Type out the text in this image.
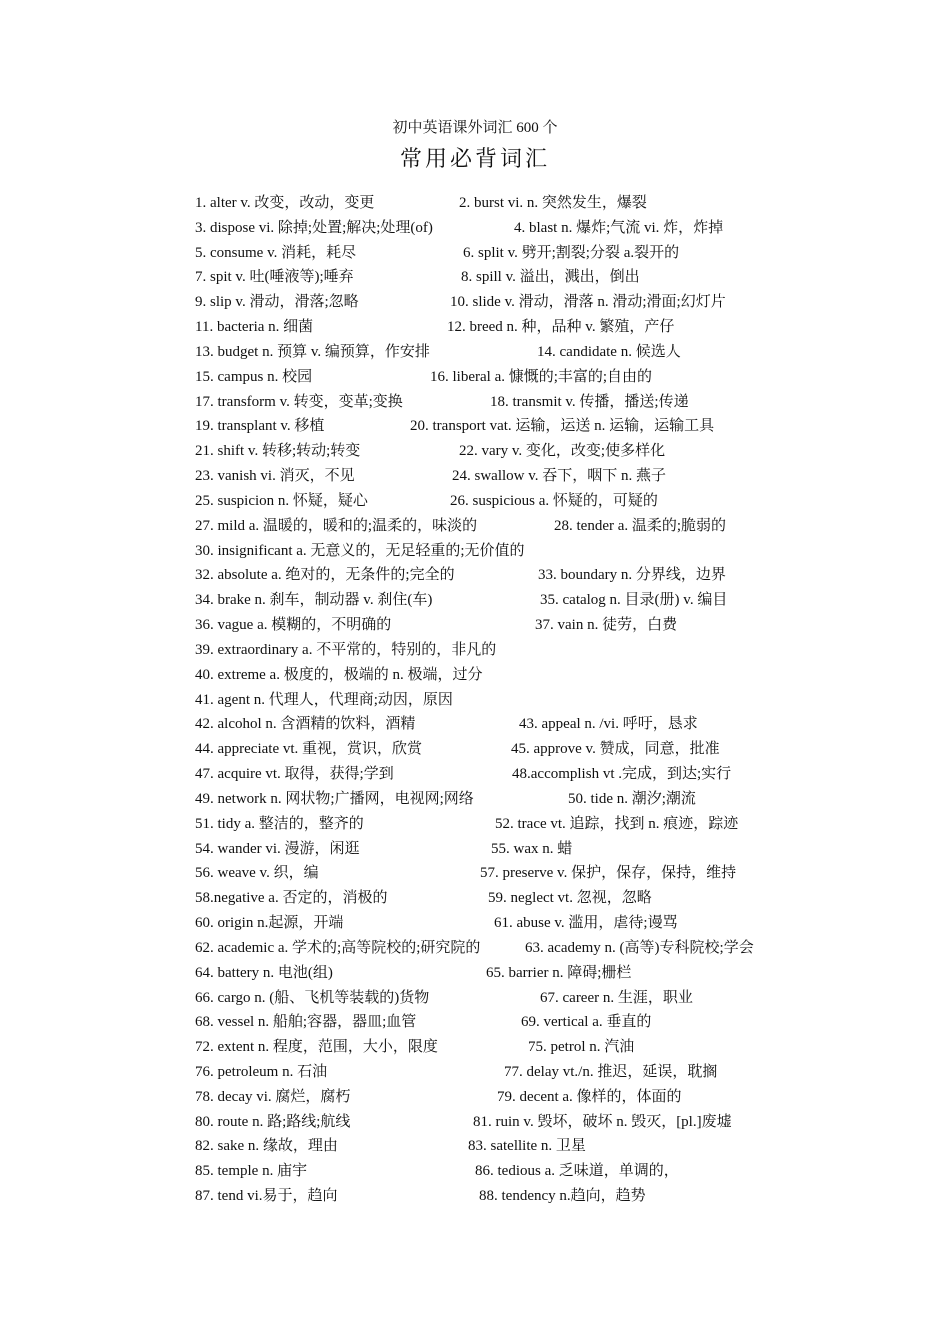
初中英语课外词汇 600 个
常用必背词汇
1. alter v. 改变，改动，变更	2. burst vi. n. 突然发生，爆裂
3. dispose vi. 除掉;处置;解决;处理(of)	4. blast n. 爆炸;气流 vi. 炸，炸掉
5. consume v. 消耗，耗尽	6. split v. 劈开;割裂;分裂 a.裂开的
7. spit v. 吐(唾液等);唾弃	8. spill v. 溢出，溅出，倒出
9. slip v. 滑动，滑落;忽略	10. slide v. 滑动，滑落 n. 滑动;滑面;幻灯片
11. bacteria n. 细菌	12. breed n. 种，品种 v. 繁殖，产仔
13. budget n. 预算 v. 编预算，作安排	14. candidate n. 候选人
15. campus n. 校园	16. liberal a. 慷慨的;丰富的;自由的
17. transform v. 转变，变革;变换	18. transmit v. 传播，播送;传递
19. transplant v. 移植	20. transport vat. 运输，运送 n. 运输，运输工具
21. shift v. 转移;转动;转变	22. vary v. 变化，改变;使多样化
23. vanish vi. 消灭，不见	24. swallow v. 吞下，咽下 n. 燕子
25. suspicion n. 怀疑，疑心	26. suspicious a. 怀疑的，可疑的
27. mild a. 温暖的，暖和的;温柔的，味淡的	28. tender a. 温柔的;脆弱的
30. insignificant a. 无意义的，无足轻重的;无价值的
32. absolute a. 绝对的，无条件的;完全的	33. boundary n. 分界线，边界
34. brake n. 刹车，制动器 v. 刹住(车)	35. catalog n. 目录(册) v. 编目
36. vague a. 模糊的，不明确的	37. vain n. 徒劳，白费
39. extraordinary a. 不平常的，特别的，非凡的
40. extreme a. 极度的，极端的 n. 极端，过分
41. agent n. 代理人，代理商;动因，原因
42. alcohol n. 含酒精的饮料，酒精	43. appeal n. /vi. 呼吁，恳求
44. appreciate vt. 重视，赏识，欣赏	45. approve v. 赞成，同意，批准
47. acquire vt. 取得，获得;学到	48.accomplish vt .完成，到达;实行
49. network n. 网状物;广播网，电视网;网络	50. tide n. 潮汐;潮流
51. tidy a. 整洁的，整齐的	52. trace vt. 追踪，找到 n. 痕迹，踪迹
54. wander vi. 漫游，闲逛	55. wax n. 蜡
56. weave v. 织，编	57. preserve v. 保护，保存，保持，维持
58.negative a. 否定的，消极的	59. neglect vt. 忽视，忽略
60. origin n.起源，开端	61. abuse v. 滥用，虐待;谩骂
62. academic a. 学术的;高等院校的;研究院的	63. academy n. (高等)专科院校;学会
64. battery n. 电池(组)	65. barrier n. 障碍;栅栏
66. cargo n. (船、飞机等装载的)货物	67. career n. 生涯，职业
68. vessel n. 船舶;容器，器皿;血管	69. vertical a. 垂直的
72. extent n. 程度，范围，大小，限度	75. petrol n. 汽油
76. petroleum n. 石油	77. delay vt./n. 推迟，延误，耽搁
78. decay vi. 腐烂，腐朽	79. decent a. 像样的，体面的
80. route n. 路;路线;航线	81. ruin v. 毁坏，破坏 n. 毁灭，[pl.]废墟
82. sake n. 缘故，理由	83. satellite n. 卫星
85. temple n. 庙宇	86. tedious a. 乏味道，单调的，
87. tend vi.易于，趋向	88. tendency n.趋向，趋势
